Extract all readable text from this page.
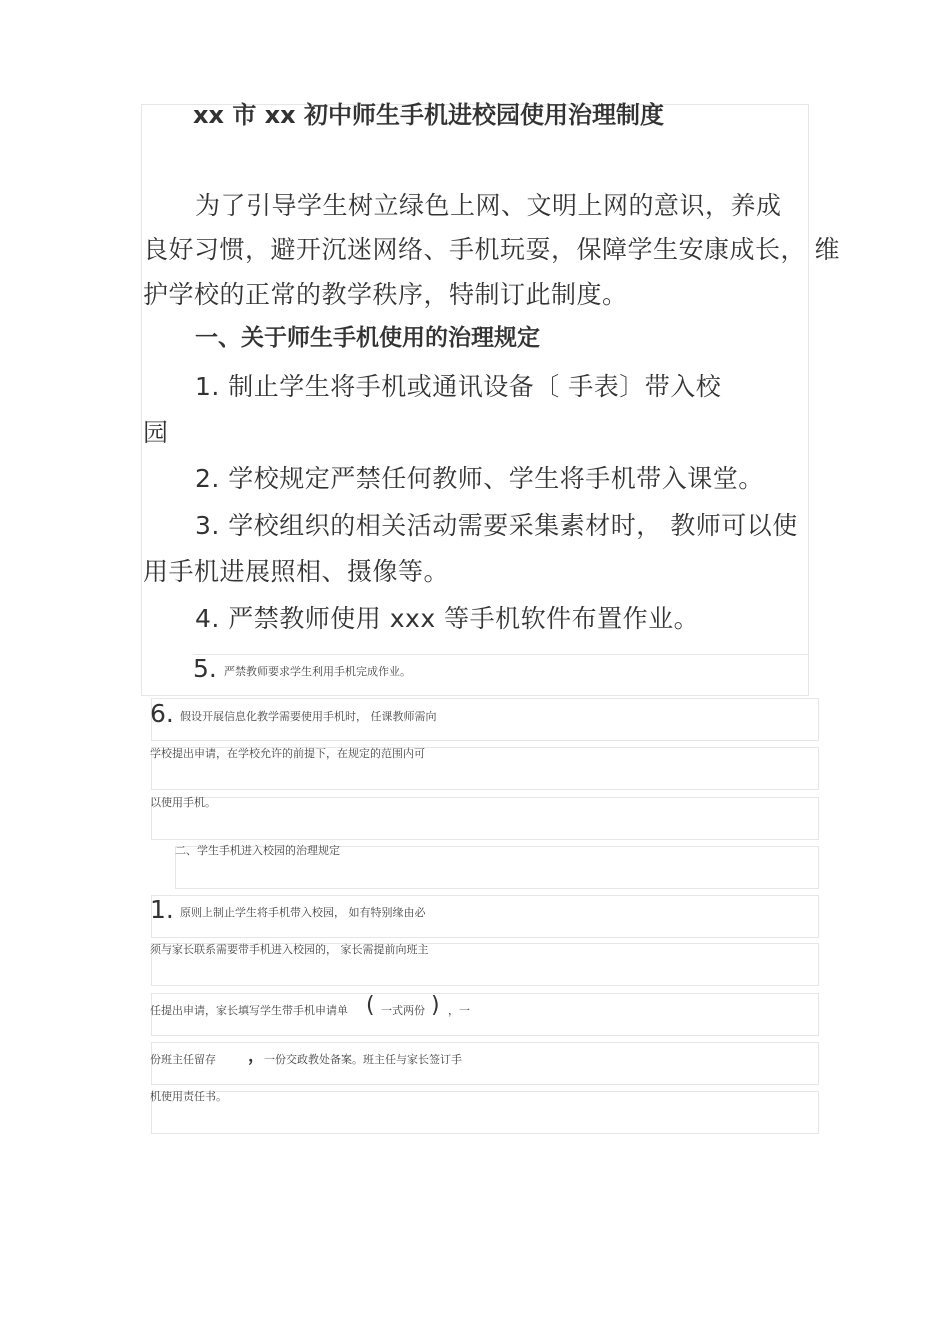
xx 市 xx 初中师生手机进校园使用治理制度
为了引导学生树立绿色上网、文明上网的意识，养成
良好习惯，避开沉迷网络、手机玩耍，保障学生安康成长， 维
护学校的正常的教学秩序，特制订此制度。
一、关于师生手机使用的治理规定
1. 制止学生将手机或通讯设备〔 手表〕带入校
园
2. 学校规定严禁任何教师、学生将手机带入课堂。
3. 学校组织的相关活动需要采集素材时， 教师可以使
用手机进展照相、摄像等。
4. 严禁教师使用 xxx 等手机软件布置作业。
5. 严禁教师要求学生利用手机完成作业。
6. 假设开展信息化教学需要使用手机时， 任课教师需向
学校提出申请，在学校允许的前提下，在规定的范围内可
以使用手机。
二、学生手机进入校园的治理规定
1. 原则上制止学生将手机带入校园， 如有特别缘由必
须与家长联系需要带手机进入校园的， 家长需提前向班主
任提出申请，家长填写学生带手机申请单 ( 一式两份 ) ，一
份班主任留存 ， 一份交政教处备案。班主任与家长签订手
机使用责任书。
